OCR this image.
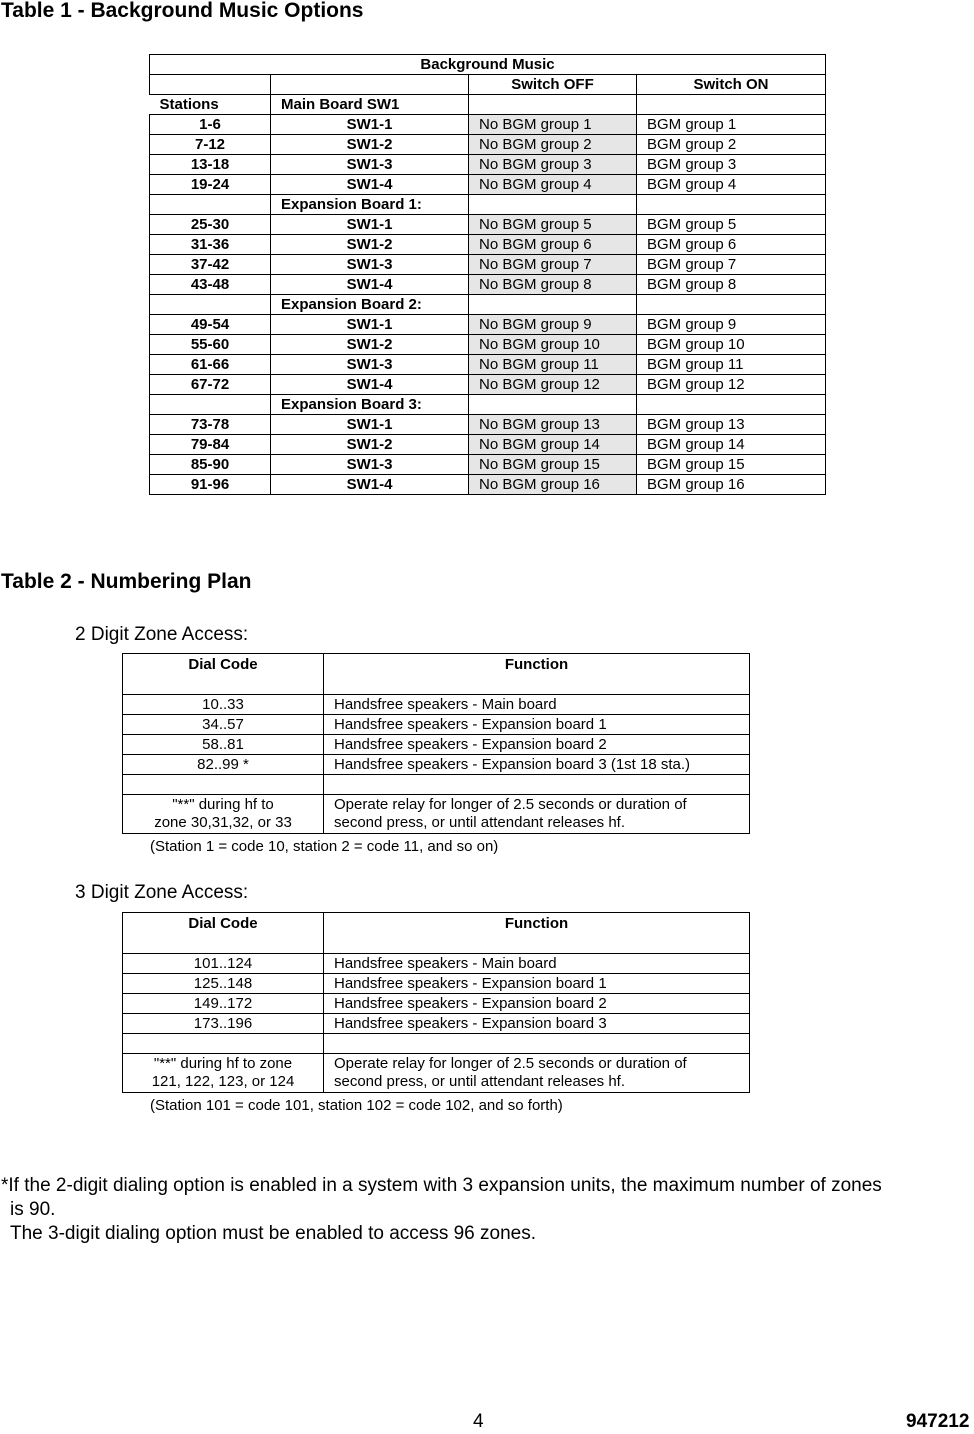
Table 1 - Background Music Options
Background Music			
		Switch OFF	Switch ON
Stations	Main Board SW1		
1-6	SW1-1	No BGM group 1	BGM group 1
7-12	SW1-2	No BGM group 2	BGM group 2
13-18	SW1-3	No BGM group 3	BGM group 3
19-24	SW1-4	No BGM group 4	BGM group 4
	Expansion Board 1:		
25-30	SW1-1	No BGM group 5	BGM group 5
31-36	SW1-2	No BGM group 6	BGM group 6
37-42	SW1-3	No BGM group 7	BGM group 7
43-48	SW1-4	No BGM group 8	BGM group 8
	Expansion Board 2:		
49-54	SW1-1	No BGM group 9	BGM group 9
55-60	SW1-2	No BGM group 10	BGM group 10
61-66	SW1-3	No BGM group 11	BGM group 11
67-72	SW1-4	No BGM group 12	BGM group 12
	Expansion Board 3:		
73-78	SW1-1	No BGM group 13	BGM group 13
79-84	SW1-2	No BGM group 14	BGM group 14
85-90	SW1-3	No BGM group 15	BGM group 15
91-96	SW1-4	No BGM group 16	BGM group 16
Table 2 - Numbering Plan
2 Digit Zone Access:
Dial Code	Function
10..33	Handsfree speakers - Main board
34..57	Handsfree speakers - Expansion board 1
58..81	Handsfree speakers - Expansion board 2
82..99 *	Handsfree speakers - Expansion board 3 (1st 18 sta.)

"**" during hf to
zone 30,31,32, or 33	Operate relay for longer of 2.5 seconds or duration of
second press, or until attendant releases hf.
(Station 1 = code 10, station 2 = code 11, and so on)
3 Digit Zone Access:
Dial Code	Function
101..124	Handsfree speakers - Main board
125..148	Handsfree speakers - Expansion board 1
149..172	Handsfree speakers - Expansion board 2
173..196	Handsfree speakers - Expansion board 3

"**" during hf to zone
121, 122, 123, or 124	Operate relay for longer of 2.5 seconds or duration of
second press, or until attendant releases hf.
(Station 101 = code 101, station 102 = code 102, and so forth)
*If the 2-digit dialing option is enabled in a system with 3 expansion units, the maximum number of zones
is 90.
The 3-digit dialing option must be enabled to access 96 zones.
4	947212
